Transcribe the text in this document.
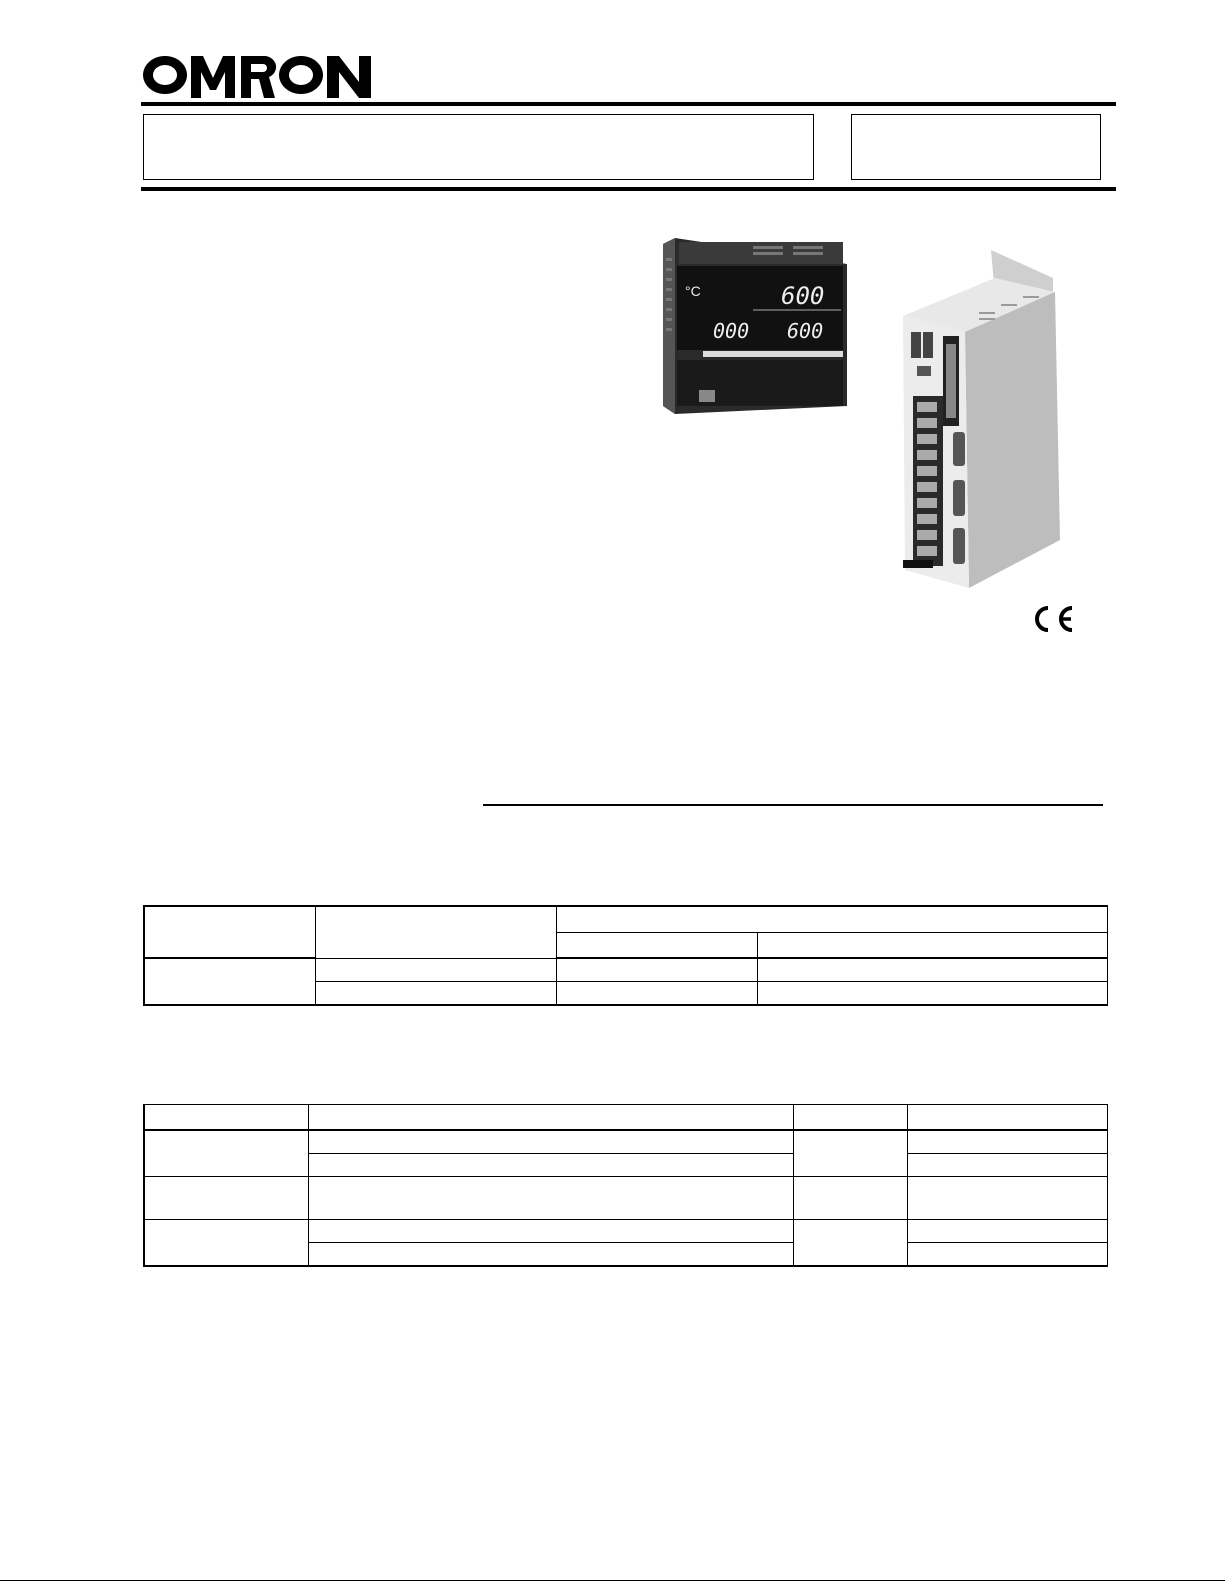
°C	600
000 600
